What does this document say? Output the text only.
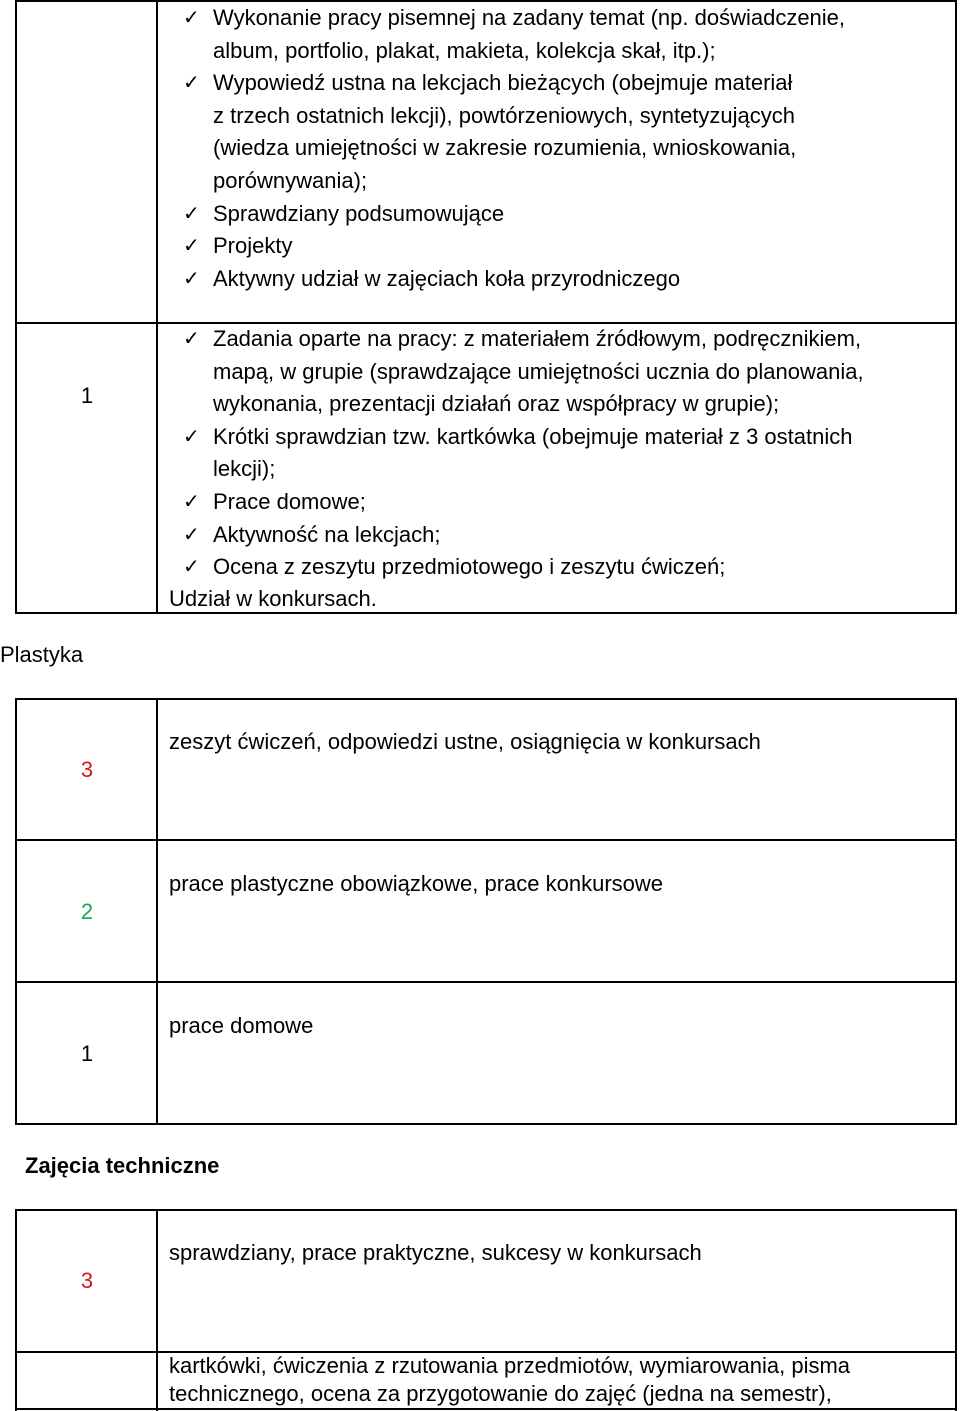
1
✓ Wykonanie pracy pisemnej na zadany temat (np. doświadczenie,
album, portfolio, plakat, makieta, kolekcja skał, itp.);
✓ Wypowiedź ustna na lekcjach bieżących (obejmuje materiał
z trzech ostatnich lekcji), powtórzeniowych, syntetyzujących
(wiedza umiejętności w zakresie rozumienia, wnioskowania,
porównywania);
✓ Sprawdziany podsumowujące
✓ Projekty
✓ Aktywny udział w zajęciach koła przyrodniczego
✓ Zadania oparte na pracy: z materiałem źródłowym, podręcznikiem,
mapą, w grupie (sprawdzające umiejętności ucznia do planowania,
wykonania, prezentacji działań oraz współpracy w grupie);
✓ Krótki sprawdzian tzw. kartkówka (obejmuje materiał z 3 ostatnich
lekcji);
✓ Prace domowe;
✓ Aktywność na lekcjach;
✓ Ocena z zeszytu przedmiotowego i zeszytu ćwiczeń;
Udział w konkursach.
Plastyka
3
zeszyt ćwiczeń, odpowiedzi ustne, osiągnięcia w konkursach
2
prace plastyczne obowiązkowe, prace konkursowe
1
prace domowe
Zajęcia techniczne
3
sprawdziany, prace praktyczne, sukcesy w konkursach
kartkówki, ćwiczenia z rzutowania przedmiotów, wymiarowania, pisma
technicznego, ocena za przygotowanie do zajęć (jedna na semestr),
